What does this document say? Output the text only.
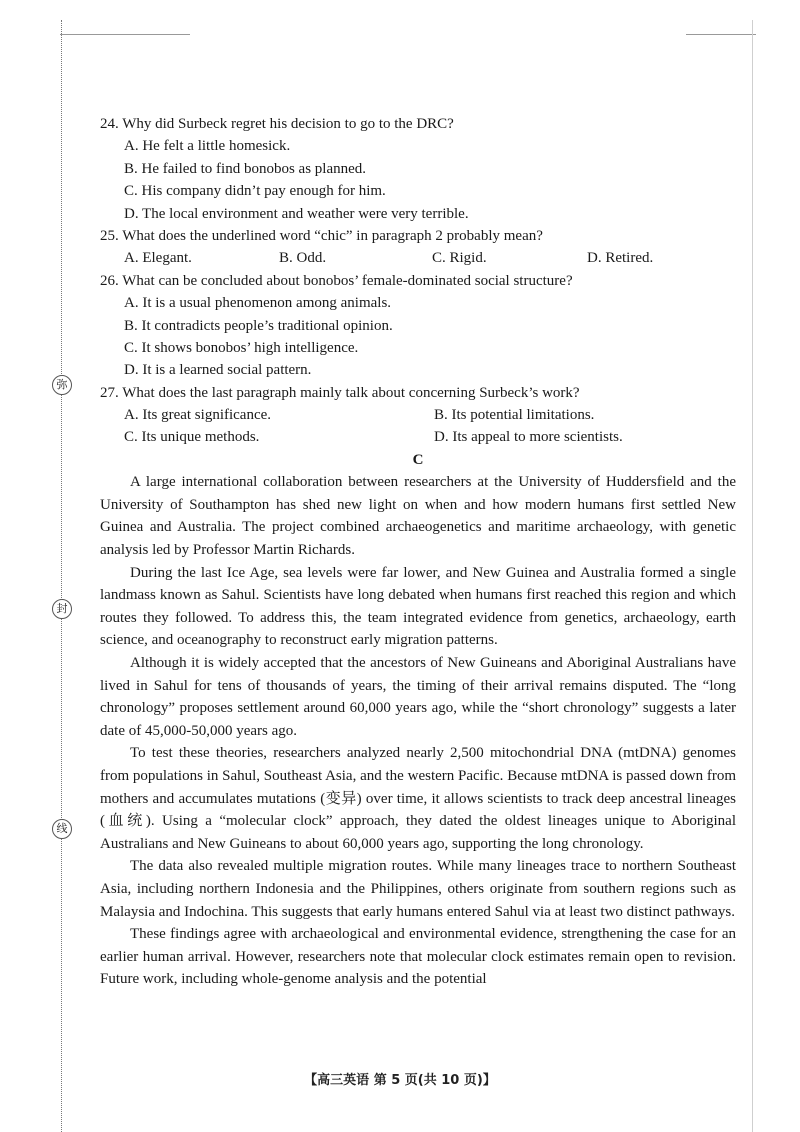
弥
封
线
24. Why did Surbeck regret his decision to go to the DRC?
A. He felt a little homesick.
B. He failed to find bonobos as planned.
C. His company didn’t pay enough for him.
D. The local environment and weather were very terrible.
25. What does the underlined word “chic” in paragraph 2 probably mean?
A. Elegant.	B. Odd.	C. Rigid.	D. Retired.
26. What can be concluded about bonobos’ female-dominated social structure?
A. It is a usual phenomenon among animals.
B. It contradicts people’s traditional opinion.
C. It shows bonobos’ high intelligence.
D. It is a learned social pattern.
27. What does the last paragraph mainly talk about concerning Surbeck’s work?
A. Its great significance.	B. Its potential limitations.
C. Its unique methods.	D. Its appeal to more scientists.
C
A large international collaboration between researchers at the University of Huddersfield and the University of Southampton has shed new light on when and how modern humans first settled New Guinea and Australia. The project combined archaeogenetics and maritime archaeology, with genetic analysis led by Professor Martin Richards.
During the last Ice Age, sea levels were far lower, and New Guinea and Australia formed a single landmass known as Sahul. Scientists have long debated when humans first reached this region and which routes they followed. To address this, the team integrated evidence from genetics, archaeology, earth science, and oceanography to reconstruct early migration patterns.
Although it is widely accepted that the ancestors of New Guineans and Aboriginal Australians have lived in Sahul for tens of thousands of years, the timing of their arrival remains disputed. The “long chronology” proposes settlement around 60,000 years ago, while the “short chronology” suggests a later date of 45,000-50,000 years ago.
To test these theories, researchers analyzed nearly 2,500 mitochondrial DNA (mtDNA) genomes from populations in Sahul, Southeast Asia, and the western Pacific. Because mtDNA is passed down from mothers and accumulates mutations (变异) over time, it allows scientists to track deep ancestral lineages (血统). Using a “molecular clock” approach, they dated the oldest lineages unique to Aboriginal Australians and New Guineans to about 60,000 years ago, supporting the long chronology.
The data also revealed multiple migration routes. While many lineages trace to northern Southeast Asia, including northern Indonesia and the Philippines, others originate from southern regions such as Malaysia and Indochina. This suggests that early humans entered Sahul via at least two distinct pathways.
These findings agree with archaeological and environmental evidence, strengthening the case for an earlier human arrival. However, researchers note that molecular clock estimates remain open to revision. Future work, including whole-genome analysis and the potential
【高三英语 第 5 页(共 10 页)】
